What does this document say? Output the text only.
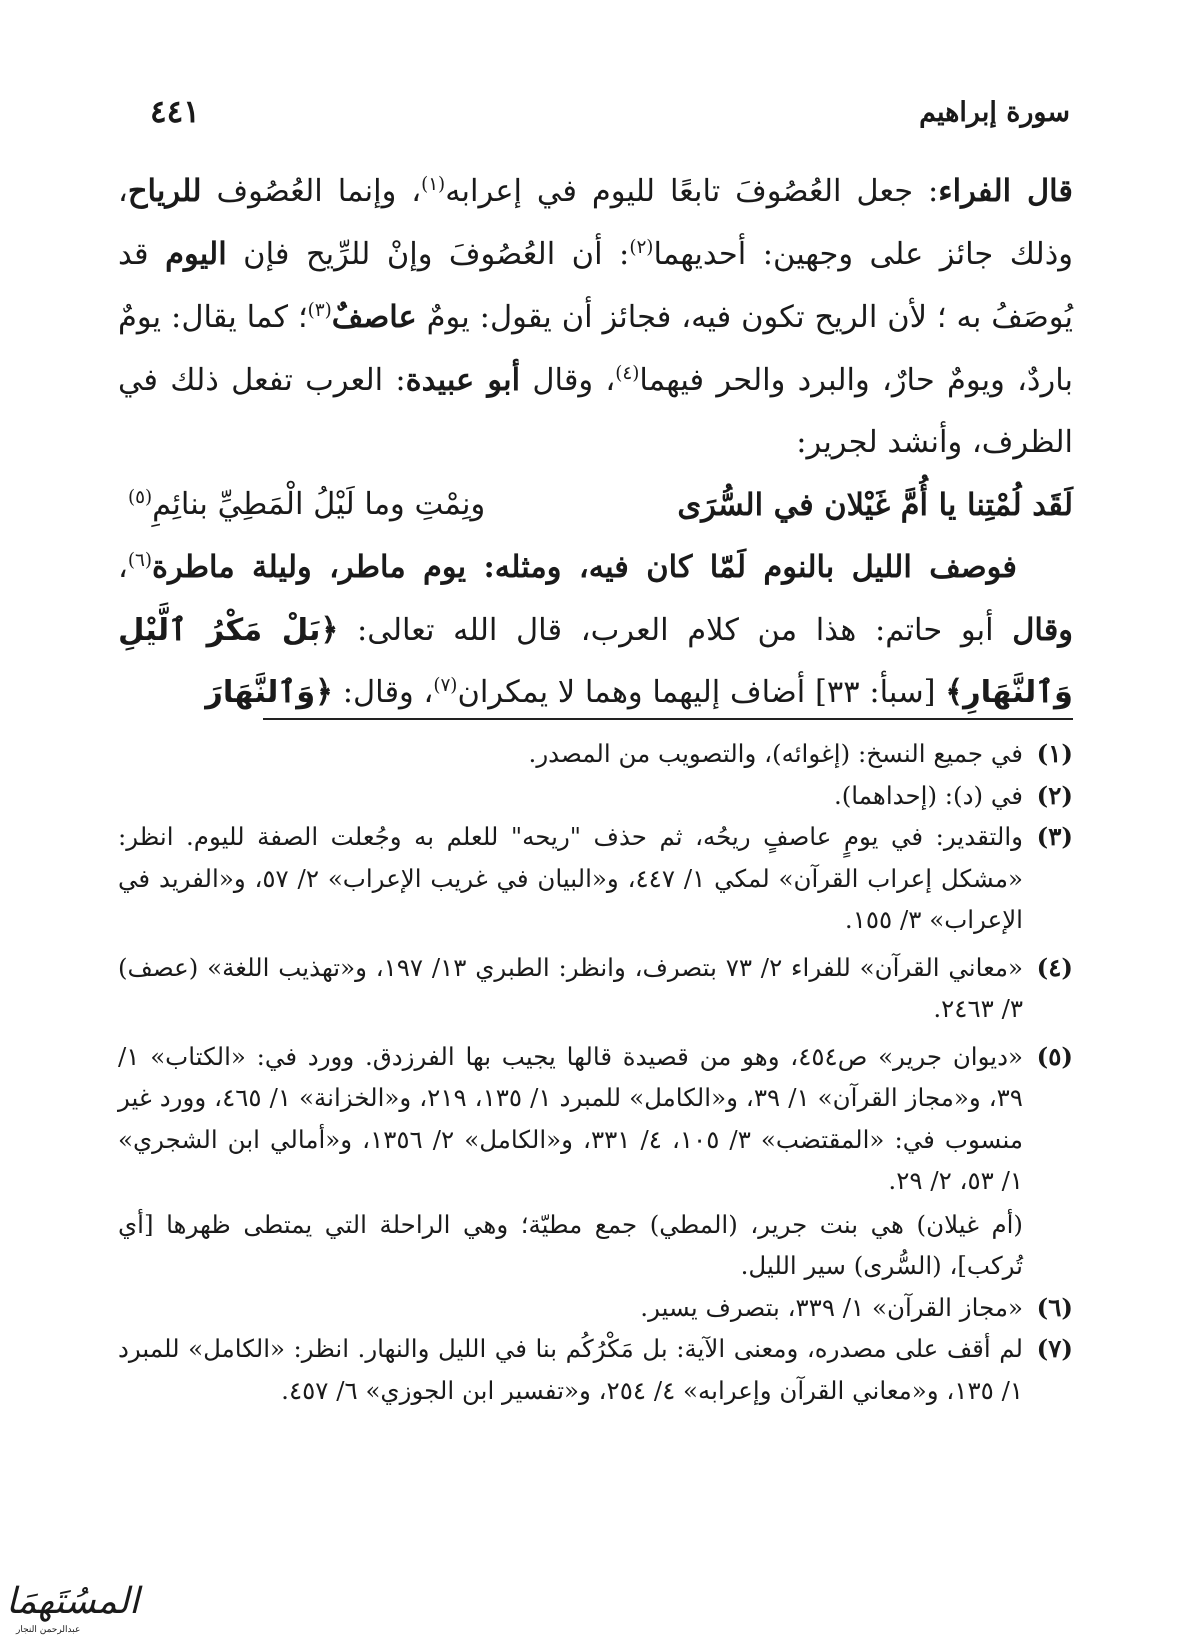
سورة إبراهيم
٤٤١

قال الفراء: جعل العُصُوفَ تابعًا لليوم في إعرابه$^{(١)}$، وإنما العُصُوف للرياح، وذلك جائز على وجهين: أحديهما$^{(٢)}$: أن العُصُوفَ وإنْ للرِّيح فإن اليوم قد يُوصَفُ به ؛ لأن الريح تكون فيه، فجائز أن يقول: يومٌ عاصفٌ$^{(٣)}$؛ كما يقال: يومٌ باردٌ، ويومٌ حارٌ، والبرد والحر فيهما$^{(٤)}$، وقال أبو عبيدة: العرب تفعل ذلك في الظرف، وأنشد لجرير:

لَقَد لُمْتِنا يا أُمَّ غَيْلان في السُّرَى
ونِمْتِ وما لَيْلُ الْمَطِيِّ بنائِمِ$^{(٥)}$

فوصف الليل بالنوم لَمّا كان فيه، ومثله: يوم ماطر، وليلة ماطرة$^{(٦)}$، وقال أبو حاتم: هذا من كلام العرب، قال الله تعالى: ﴿بَلْ مَكْرُ ٱلَّيْلِ وَٱلنَّهَارِ﴾ [سبأ: ٣٣] أضاف إليهما وهما لا يمكران$^{(٧)}$، وقال: ﴿وَٱلنَّهَارَ

(١)
في جميع النسخ: (إغوائه)، والتصويب من المصدر.
(٢)
في (د): (إحداهما).
(٣)
والتقدير: في يومٍ عاصفٍ ريحُه، ثم حذف "ريحه" للعلم به وجُعلت الصفة لليوم. انظر: «مشكل إعراب القرآن» لمكي ١/ ٤٤٧، و«البيان في غريب الإعراب» ٢/ ٥٧، و«الفريد في الإعراب» ٣/ ١٥٥.
(٤)
«معاني القرآن» للفراء ٢/ ٧٣ بتصرف، وانظر: الطبري ١٣/ ١٩٧، و«تهذيب اللغة» (عصف) ٣/ ٢٤٦٣.
(٥)
«ديوان جرير» ص٤٥٤، وهو من قصيدة قالها يجيب بها الفرزدق. وورد في: «الكتاب» ١/ ٣٩، و«مجاز القرآن» ١/ ٣٩، و«الكامل» للمبرد ١/ ١٣٥، ٢١٩، و«الخزانة» ١/ ٤٦٥، وورد غير منسوب في: «المقتضب» ٣/ ١٠٥، ٤/ ٣٣١، و«الكامل» ٢/ ١٣٥٦، و«أمالي ابن الشجري» ١/ ٥٣، ٢/ ٢٩.
(أم غيلان) هي بنت جرير، (المطي) جمع مطيّة؛ وهي الراحلة التي يمتطى ظهرها [أي تُركب]، (السُّرى) سير الليل.
(٦)
«مجاز القرآن» ١/ ٣٣٩، بتصرف يسير.
(٧)
لم أقف على مصدره، ومعنى الآية: بل مَكْرُكُم بنا في الليل والنهار. انظر: «الكامل» للمبرد ١/ ١٣٥، و«معاني القرآن وإعرابه» ٤/ ٢٥٤، و«تفسير ابن الجوزي» ٦/ ٤٥٧.
المسُتَهمَا
عبدالرحمن النجار
